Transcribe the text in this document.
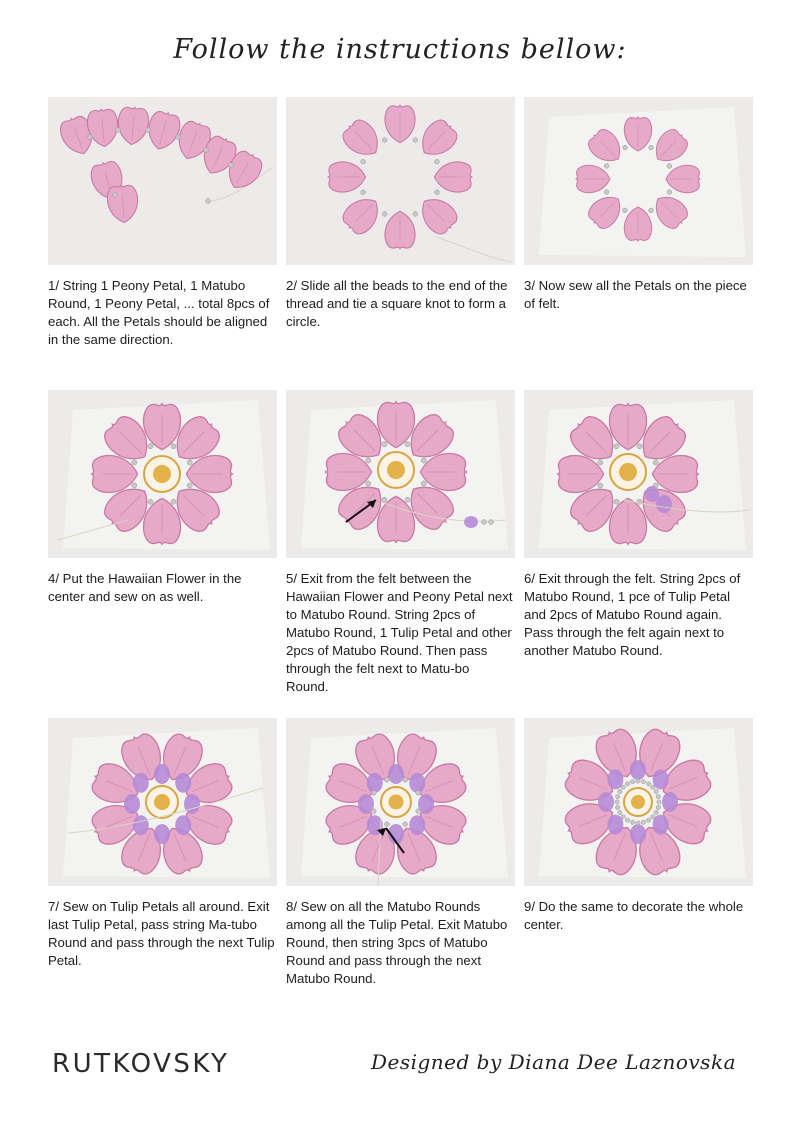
Follow the instructions bellow:
1/ String 1 Peony Petal, 1 Matubo Round, 1 Peony Petal, ... total 8pcs of each. All the Petals should be aligned in the same direction.
2/ Slide all the beads to the end of the thread and tie a square knot to form a circle.
3/ Now sew all the Petals on the piece of felt.
4/ Put the Hawaiian Flower in the center and sew on as well.
5/ Exit from the felt between the Hawaiian Flower and Peony Petal next to Matubo Round. String 2pcs of Matubo Round, 1 Tulip Petal and other 2pcs of Matubo Round. Then pass through the felt next to Matu-bo Round.
6/ Exit through the felt. String 2pcs of Matubo Round, 1 pce of Tulip Petal and 2pcs of Matubo Round again. Pass through the felt again next to another Matubo Round.
7/ Sew on Tulip Petals all around. Exit last Tulip Petal, pass string Ma-tubo Round and pass through the next Tulip Petal.
8/ Sew on all the Matubo Rounds among all the Tulip Petal. Exit Matubo Round, then string 3pcs of Matubo Round and pass through the next Matubo Round.
9/ Do the same to decorate the whole center.
RUTKOVSKY	Designed by Diana Dee Laznovska
